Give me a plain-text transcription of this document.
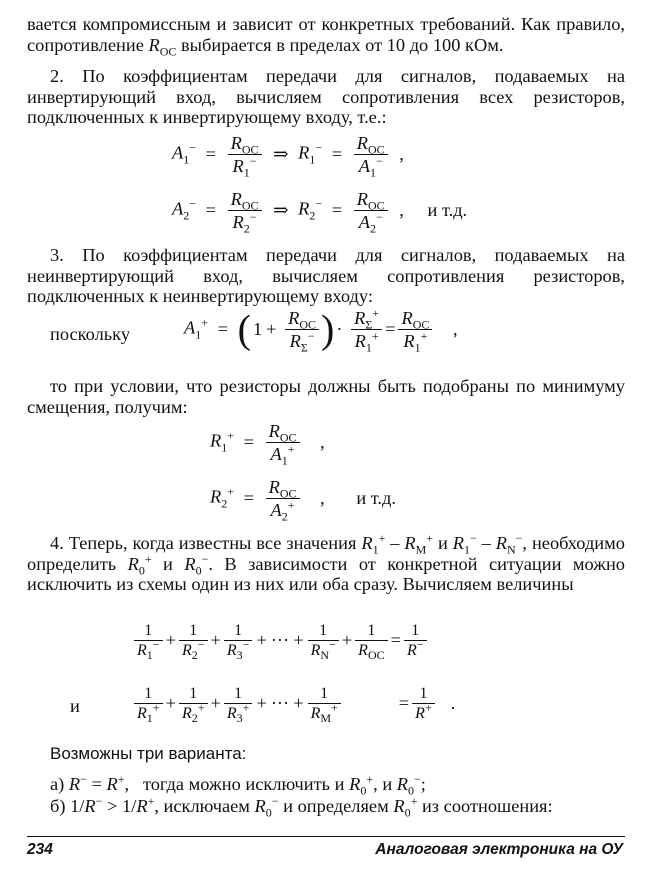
вается компромиссным и зависит от конкретных требований. Как правило, сопротивление $R_{OC}$ выбирается в пределах от 10 до 100 кОм.

2. По коэффициентам передачи для сигналов, подаваемых на инвертирующий вход, вычисляем сопротивления всех резисторов, подключенных к инвертирующему входу, т.е.:

$A_1^- = \frac{R_{OC}}{R_1^-}$ ⇒ $R_1^- = \frac{R_{OC}}{A_1^-}$ ,
$A_2^- = \frac{R_{OC}}{R_2^-}$ ⇒ $R_2^- = \frac{R_{OC}}{A_2^-}$ , и т.д.

3. По коэффициентам передачи для сигналов, подаваемых на неинвертирующий вход, вычисляем сопротивления резисторов, подключенных к неинвертирующему входу:

поскольку	$A_1^+$ = ( $1 + \frac{R_{OC}}{R_\Sigma^-}$ ) · $\frac{R_\Sigma^+}{R_1^+} = \frac{R_{OC}}{R_1^+}$ ,

то при условии, что резисторы должны быть подобраны по минимуму смещения, получим:

$R_1^+ = \frac{R_{OC}}{A_1^+}$ ,
$R_2^+ = \frac{R_{OC}}{A_2^+}$ , и т.д.

4. Теперь, когда известны все значения $R_1^+ - R_M^+$ и $R_1^- - R_N^-$, необходимо определить $R_0^+$ и $R_0^-$. В зависимости от конкретной ситуации можно исключить из схемы один из них или оба сразу. Вычисляем величины

$\frac{1}{R_1^-} + \frac{1}{R_2^-} + \frac{1}{R_3^-}$ + ··· + $\frac{1}{R_N^-} + \frac{1}{R_{OC}} = \frac{1}{R^-}$
и	$\frac{1}{R_1^+} + \frac{1}{R_2^+} + \frac{1}{R_3^+}$ + ··· + $\frac{1}{R_M^+}$	= $\frac{1}{R^+}$ .

Возможны три варианта:

а) R− = R+, тогда можно исключить и $R_0^+$, и $R_0^-$;

б) 1/R− > 1/R+, исключаем $R_0^-$ и определяем $R_0^+$ из соотношения:

234	Аналоговая электроника на ОУ
